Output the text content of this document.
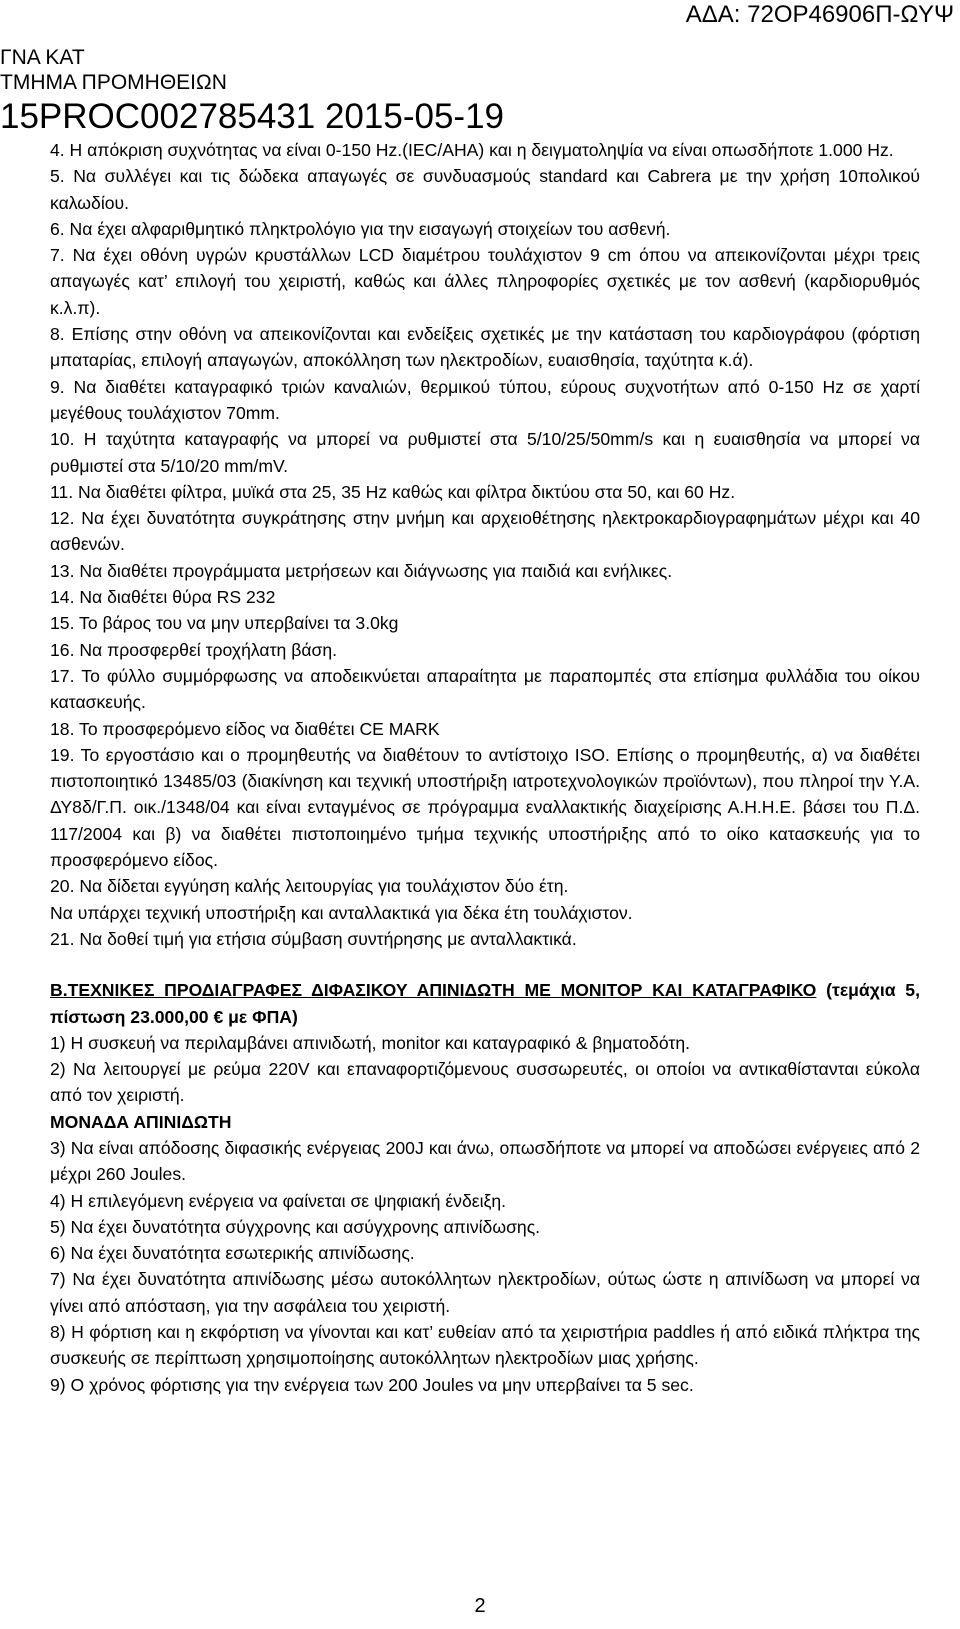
ΑΔΑ: 72ΟΡ46906Π-ΩΥΨ
ΓΝΑ ΚΑΤ
ΤΜΗΜΑ ΠΡΟΜΗΘΕΙΩΝ
15PROC002785431 2015-05-19

4. Η απόκριση συχνότητας να είναι 0-150 Hz.(IEC/AHA) και η δειγματοληψία να είναι οπωσδήποτε 1.000 Hz.

5. Να συλλέγει και τις δώδεκα απαγωγές σε συνδυασμούς standard και Cabrera με την χρήση 10πολικού καλωδίου.

6. Να έχει αλφαριθμητικό πληκτρολόγιο για την εισαγωγή στοιχείων του ασθενή.

7. Να έχει οθόνη υγρών κρυστάλλων LCD διαμέτρου τουλάχιστον 9 cm όπου να απεικονίζονται μέχρι τρεις απαγωγές κατ’ επιλογή του χειριστή, καθώς και άλλες πληροφορίες σχετικές με τον ασθενή (καρδιορυθμός κ.λ.π).

8. Επίσης στην οθόνη να απεικονίζονται και ενδείξεις σχετικές με την κατάσταση του καρδιογράφου (φόρτιση μπαταρίας, επιλογή απαγωγών, αποκόλληση των ηλεκτροδίων, ευαισθησία, ταχύτητα κ.ά).

9. Να διαθέτει καταγραφικό τριών καναλιών, θερμικού τύπου, εύρους συχνοτήτων από 0-150 Hz σε χαρτί μεγέθους τουλάχιστον 70mm.

10. Η ταχύτητα καταγραφής να μπορεί να ρυθμιστεί στα 5/10/25/50mm/s και η ευαισθησία να μπορεί να ρυθμιστεί στα 5/10/20 mm/mV.

11. Να διαθέτει φίλτρα, μυϊκά στα 25, 35 Hz καθώς και φίλτρα δικτύου στα 50, και 60 Hz.

12. Να έχει δυνατότητα συγκράτησης στην μνήμη και αρχειοθέτησης ηλεκτροκαρδιογραφημάτων μέχρι και 40 ασθενών.

13. Να διαθέτει προγράμματα μετρήσεων και διάγνωσης για παιδιά και ενήλικες.

14. Να διαθέτει θύρα RS 232

15. Το βάρος του να μην υπερβαίνει τα 3.0kg

16. Να προσφερθεί τροχήλατη βάση.

17. Το φύλλο συμμόρφωσης να αποδεικνύεται απαραίτητα με παραπομπές στα επίσημα φυλλάδια του οίκου κατασκευής.

18. Το προσφερόμενο είδος να διαθέτει CE MARK

19. Το εργοστάσιο και ο προμηθευτής να διαθέτουν το αντίστοιχο ISO. Επίσης ο προμηθευτής, α) να διαθέτει πιστοποιητικό 13485/03 (διακίνηση και τεχνική υποστήριξη ιατροτεχνολογικών προϊόντων), που πληροί την Υ.Α. ΔΥ8δ/Γ.Π. οικ./1348/04 και είναι ενταγμένος σε πρόγραμμα εναλλακτικής διαχείρισης Α.Η.Η.Ε. βάσει του Π.Δ. 117/2004 και β) να διαθέτει πιστοποιημένο τμήμα τεχνικής υποστήριξης από το οίκο κατασκευής για το προσφερόμενο είδος.

20. Να δίδεται εγγύηση καλής λειτουργίας για τουλάχιστον δύο έτη.

Να υπάρχει τεχνική υποστήριξη και ανταλλακτικά για δέκα έτη τουλάχιστον.

21. Να δοθεί τιμή για ετήσια σύμβαση συντήρησης με ανταλλακτικά.

Β.ΤΕΧΝΙΚΕΣ ΠΡΟΔΙΑΓΡΑΦΕΣ ΔΙΦΑΣΙΚΟΥ ΑΠΙΝΙΔΩΤΗ ΜΕ ΜΟΝΙΤΟΡ ΚΑΙ ΚΑΤΑΓΡΑΦΙΚΟ (τεμάχια 5, πίστωση 23.000,00 € με ΦΠΑ)

1) Η συσκευή να περιλαμβάνει απινιδωτή, monitor και καταγραφικό & βηματοδότη.

2) Να λειτουργεί με ρεύμα 220V και επαναφορτιζόμενους συσσωρευτές, οι οποίοι να αντικαθίστανται εύκολα από τον χειριστή.

ΜΟΝΑΔΑ ΑΠΙΝΙΔΩΤΗ

3) Να είναι απόδοσης διφασικής ενέργειας 200J και άνω, οπωσδήποτε να μπορεί να αποδώσει ενέργειες από 2 μέχρι 260 Joules.

4) Η επιλεγόμενη ενέργεια να φαίνεται σε ψηφιακή ένδειξη.

5) Να έχει δυνατότητα σύγχρονης και ασύγχρονης απινίδωσης.

6) Να έχει δυνατότητα εσωτερικής απινίδωσης.

7) Να έχει δυνατότητα απινίδωσης μέσω αυτοκόλλητων ηλεκτροδίων, ούτως ώστε η απινίδωση να μπορεί να γίνει από απόσταση, για την ασφάλεια του χειριστή.

8) Η φόρτιση και η εκφόρτιση να γίνονται και κατ’ ευθείαν από τα χειριστήρια paddles ή από ειδικά πλήκτρα της συσκευής σε περίπτωση χρησιμοποίησης αυτοκόλλητων ηλεκτροδίων μιας χρήσης.

9) Ο χρόνος φόρτισης για την ενέργεια των 200 Joules να μην υπερβαίνει τα 5 sec.

2
